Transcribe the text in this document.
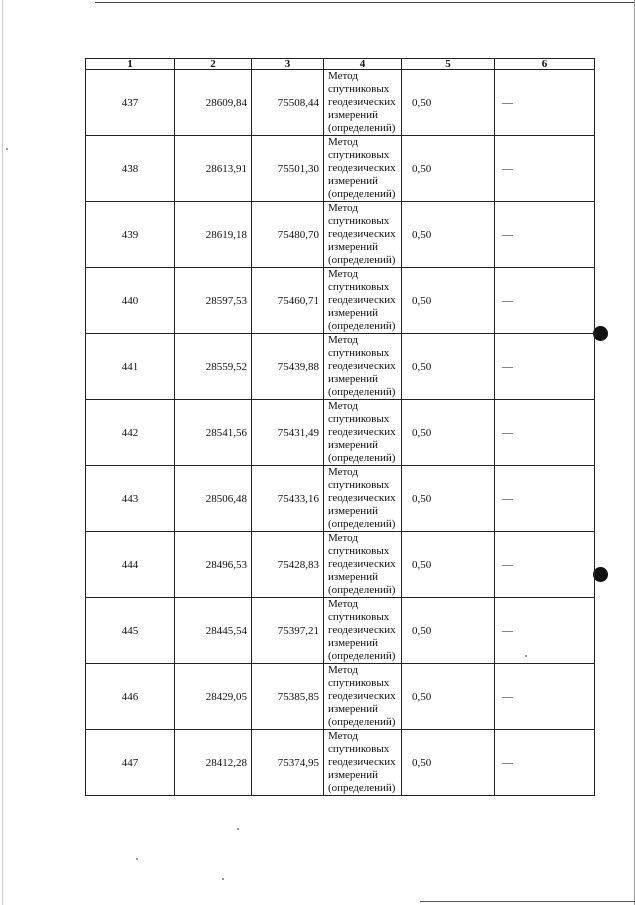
1	2	3	4	5	6
437	28609,84	75508,44	Метод
спутниковых
геодезических
измерений
(определений)	0,50	—
438	28613,91	75501,30	Метод
спутниковых
геодезических
измерений
(определений)	0,50	—
439	28619,18	75480,70	Метод
спутниковых
геодезических
измерений
(определений)	0,50	—
440	28597,53	75460,71	Метод
спутниковых
геодезических
измерений
(определений)	0,50	—
441	28559,52	75439,88	Метод
спутниковых
геодезических
измерений
(определений)	0,50	—
442	28541,56	75431,49	Метод
спутниковых
геодезических
измерений
(определений)	0,50	—
443	28506,48	75433,16	Метод
спутниковых
геодезических
измерений
(определений)	0,50	—
444	28496,53	75428,83	Метод
спутниковых
геодезических
измерений
(определений)	0,50	—
445	28445,54	75397,21	Метод
спутниковых
геодезических
измерений
(определений)	0,50	—
446	28429,05	75385,85	Метод
спутниковых
геодезических
измерений
(определений)	0,50	—
447	28412,28	75374,95	Метод
спутниковых
геодезических
измерений
(определений)	0,50	—
